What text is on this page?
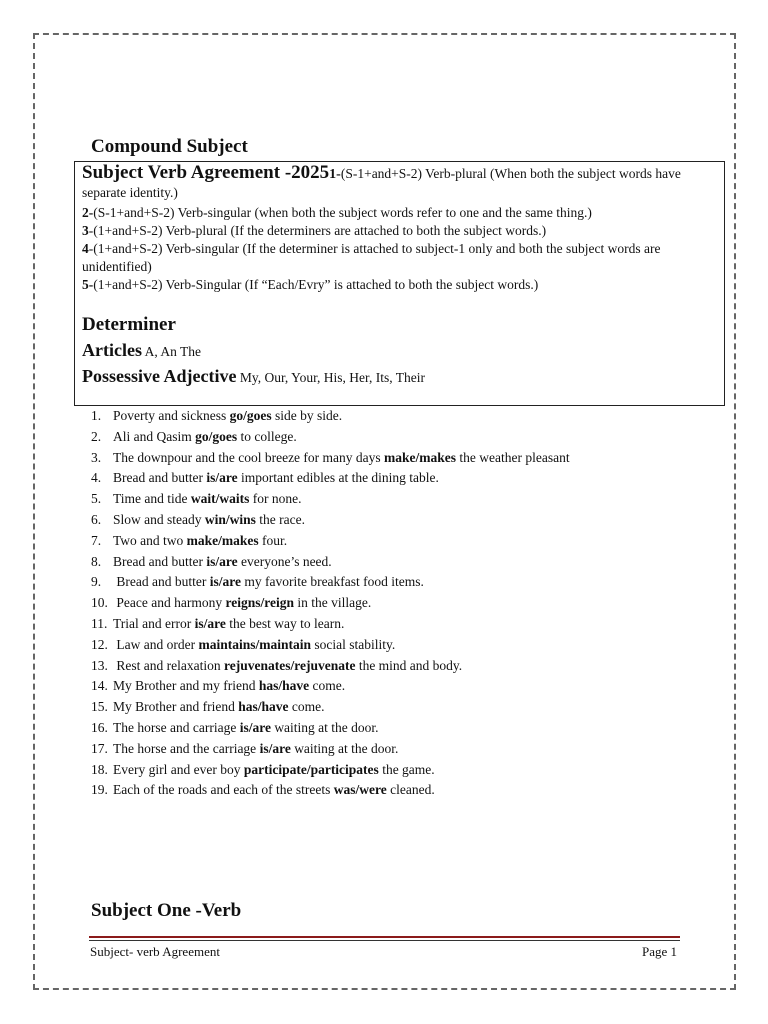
Compound Subject

Subject Verb Agreement -20251-(S-1+and+S-2) Verb-plural (When both the subject words have separate identity.)

2-(S-1+and+S-2) Verb-singular (when both the subject words refer to one and the same thing.)

3-(1+and+S-2) Verb-plural (If the determiners are attached to both the subject words.)

4-(1+and+S-2) Verb-singular (If the determiner is attached to subject-1 only and both the subject words are unidentified)

5-(1+and+S-2) Verb-Singular (If “Each/Evry” is attached to both the subject words.)

Determiner

Articles A, An The

Possessive Adjective My, Our, Your, His, Her, Its, Their

1. Poverty and sickness go/goes side by side.
2. Ali and Qasim go/goes to college.
3. The downpour and the cool breeze for many days make/makes the weather pleasant
4. Bread and butter is/are important edibles at the dining table.
5. Time and tide wait/waits for none.
6. Slow and steady win/wins the race.
7. Two and two make/makes four.
8. Bread and butter is/are everyone’s need.
9. Bread and butter is/are my favorite breakfast food items.
10. Peace and harmony reigns/reign in the village.
11. Trial and error is/are the best way to learn.
12. Law and order maintains/maintain social stability.
13. Rest and relaxation rejuvenates/rejuvenate the mind and body.
14. My Brother and my friend has/have come.
15. My Brother and friend has/have come.
16. The horse and carriage is/are waiting at the door.
17. The horse and the carriage is/are waiting at the door.
18. Every girl and ever boy participate/participates the game.
19. Each of the roads and each of the streets was/were cleaned.
Subject One -Verb
Subject- verb Agreement	Page 1
